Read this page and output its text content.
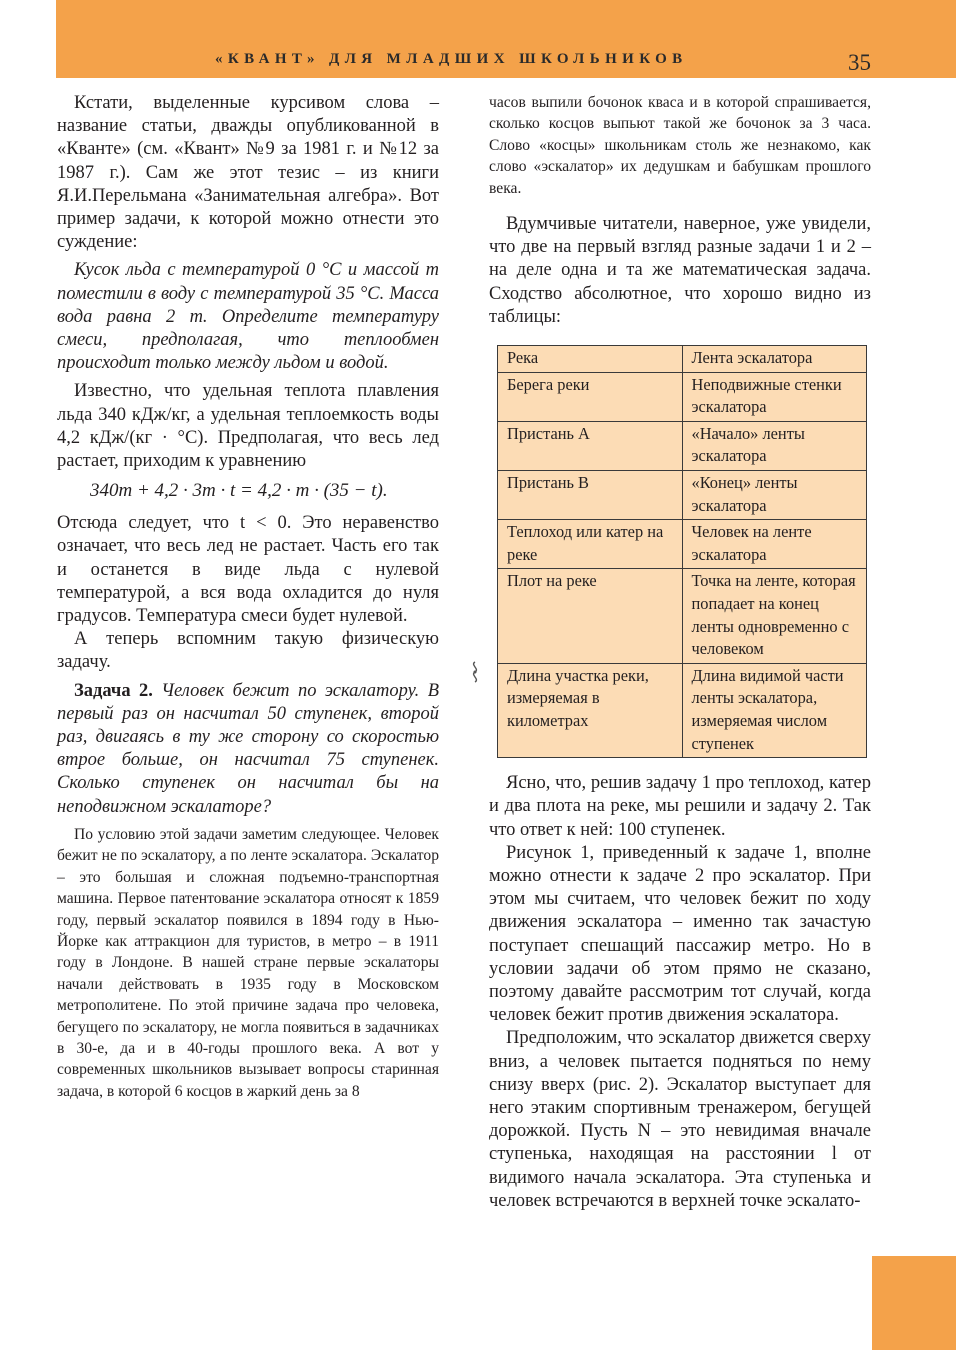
«КВАНТ» ДЛЯ МЛАДШИХ ШКОЛЬНИКОВ	35

Кстати, выделенные курсивом слова – название статьи, дважды опубликованной в «Кванте» (см. «Квант» №9 за 1981 г. и №12 за 1987 г.). Сам же этот тезис – из книги Я.И.Перельмана «Занимательная алгебра». Вот пример задачи, к которой можно отнести это суждение:

Кусок льда с температурой 0 °С и массой m поместили в воду с температурой 35 °С. Масса вода равна 2 m. Определите температуру смеси, предполагая, что теплообмен происходит только между льдом и водой.

Известно, что удельная теплота плавления льда 340 кДж/кг, а удельная теплоемкость воды 4,2 кДж/(кг · °С). Предполагая, что весь лед растает, приходим к уравнению

340m + 4,2 · 3m · t = 4,2 · m · (35 − t).

Отсюда следует, что t < 0. Это неравенство означает, что весь лед не растает. Часть его так и останется в виде льда с нулевой температурой, а вся вода охладится до нуля градусов. Температура смеси будет нулевой.

А теперь вспомним такую физическую задачу.

Задача 2. Человек бежит по эскалатору. В первый раз он насчитал 50 ступенек, второй раз, двигаясь в ту же сторону со скоростью втрое больше, он насчитал 75 ступенек. Сколько ступенек он насчитал бы на неподвижном эскалаторе?

По условию этой задачи заметим следующее. Человек бежит не по эскалатору, а по ленте эскалатора. Эскалатор – это большая и сложная подъемно-транспортная машина. Первое патентование эскалатора относят к 1859 году, первый эскалатор появился в 1894 году в Нью-Йорке как аттракцион для туристов, в метро – в 1911 году в Лондоне. В нашей стране первые эскалаторы начали действовать в 1935 году в Московском метрополитене. По этой причине задача про человека, бегущего по эскалатору, не могла появиться в задачниках в 30-е, да и в 40-годы прошлого века. А вот у современных школьников вызывает вопросы старинная задача, в которой 6 косцов в жаркий день за 8

часов выпили бочонок кваса и в которой спрашивается, сколько косцов выпьют такой же бочонок за 3 часа. Слово «косцы» школьникам столь же незнакомо, как слово «эскалатор» их дедушкам и бабушкам прошлого века.

Вдумчивые читатели, наверное, уже увидели, что две на первый взгляд разные задачи 1 и 2 – на деле одна и та же математическая задача. Сходство абсолютное, что хорошо видно из таблицы:

Река	Лента эскалатора
Берега реки	Неподвижные стенки эскалатора
Пристань A	«Начало» ленты эскалатора
Пристань B	«Конец» ленты эскалатора
Теплоход или катер на реке	Человек на ленте эскалатора
Плот на реке	Точка на ленте, которая попадает на конец ленты одновременно с человеком
Длина участка реки, измеряемая в километрах	Длина видимой части ленты эскалатора, измеряемая числом ступенек

Ясно, что, решив задачу 1 про теплоход, катер и два плота на реке, мы решили и задачу 2. Так что ответ к ней: 100 ступенек.

Рисунок 1, приведенный к задаче 1, вполне можно отнести к задаче 2 про эскалатор. При этом мы считаем, что человек бежит по ходу движения эскалатора – именно так зачастую поступает спешащий пассажир метро. Но в условии задачи об этом прямо не сказано, поэтому давайте рассмотрим тот случай, когда человек бежит против движения эскалатора.

Предположим, что эскалатор движется сверху вниз, а человек пытается подняться по нему снизу вверх (рис. 2). Эскалатор выступает для него этаким спортивным тренажером, бегущей дорожкой. Пусть N – это невидимая вначале ступенька, находящая на расстоянии l от видимого начала эскалатора. Эта ступенька и человек встречаются в верхней точке эскалато-
